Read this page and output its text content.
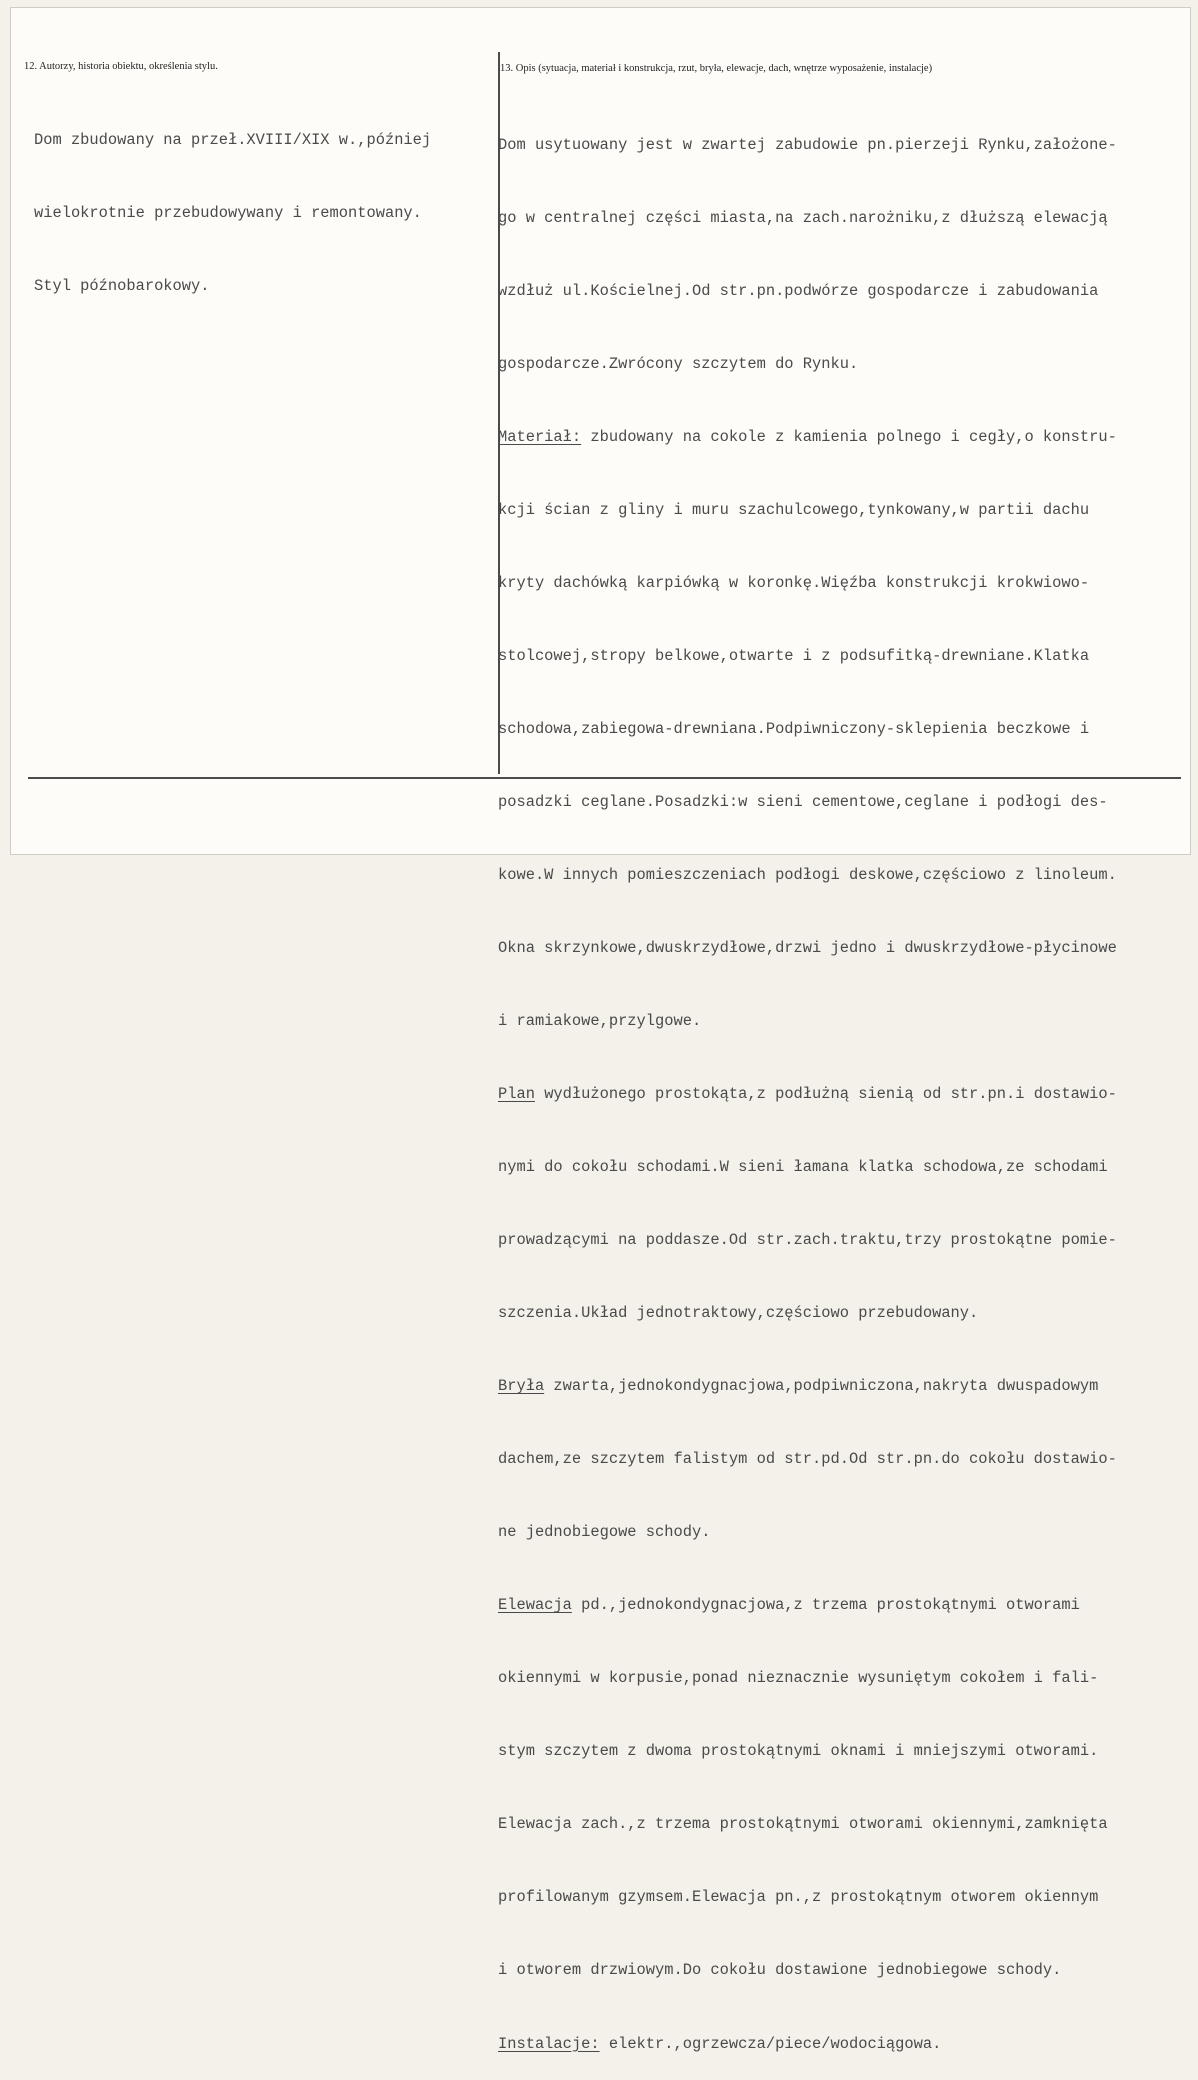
12. Autorzy, historia obiektu, określenia stylu.	13. Opis (sytuacja, materiał i konstrukcja, rzut, bryła, elewacje, dach, wnętrze wyposażenie, instalacje)

Dom zbudowany na przeł.XVIII/XIX w.,później

wielokrotnie przebudowywany i remontowany.

Styl późnobarokowy.

Dom usytuowany jest w zwartej zabudowie pn.pierzeji Rynku,założone-

go w centralnej części miasta,na zach.narożniku,z dłuższą elewacją

wzdłuż ul.Kościelnej.Od str.pn.podwórze gospodarcze i zabudowania

gospodarcze.Zwrócony szczytem do Rynku.

Materiał: zbudowany na cokole z kamienia polnego i cegły,o konstru-

kcji ścian z gliny i muru szachulcowego,tynkowany,w partii dachu

kryty dachówką karpiówką w koronkę.Więźba konstrukcji krokwiowo-

stolcowej,stropy belkowe,otwarte i z podsufitką-drewniane.Klatka

schodowa,zabiegowa-drewniana.Podpiwniczony-sklepienia beczkowe i

posadzki ceglane.Posadzki:w sieni cementowe,ceglane i podłogi des-

kowe.W innych pomieszczeniach podłogi deskowe,częściowo z linoleum.

Okna skrzynkowe,dwuskrzydłowe,drzwi jedno i dwuskrzydłowe-płycinowe

i ramiakowe,przylgowe.

Plan wydłużonego prostokąta,z podłużną sienią od str.pn.i dostawio-

nymi do cokołu schodami.W sieni łamana klatka schodowa,ze schodami

prowadzącymi na poddasze.Od str.zach.traktu,trzy prostokątne pomie-

szczenia.Układ jednotraktowy,częściowo przebudowany.

Bryła zwarta,jednokondygnacjowa,podpiwniczona,nakryta dwuspadowym

dachem,ze szczytem falistym od str.pd.Od str.pn.do cokołu dostawio-

ne jednobiegowe schody.

Elewacja pd.,jednokondygnacjowa,z trzema prostokątnymi otworami

okiennymi w korpusie,ponad nieznacznie wysuniętym cokołem i fali-

stym szczytem z dwoma prostokątnymi oknami i mniejszymi otworami.

Elewacja zach.,z trzema prostokątnymi otworami okiennymi,zamknięta

profilowanym gzymsem.Elewacja pn.,z prostokątnym otworem okiennym

i otworem drzwiowym.Do cokołu dostawione jednobiegowe schody.

Instalacje: elektr.,ogrzewcza/piece/wodociągowa.
